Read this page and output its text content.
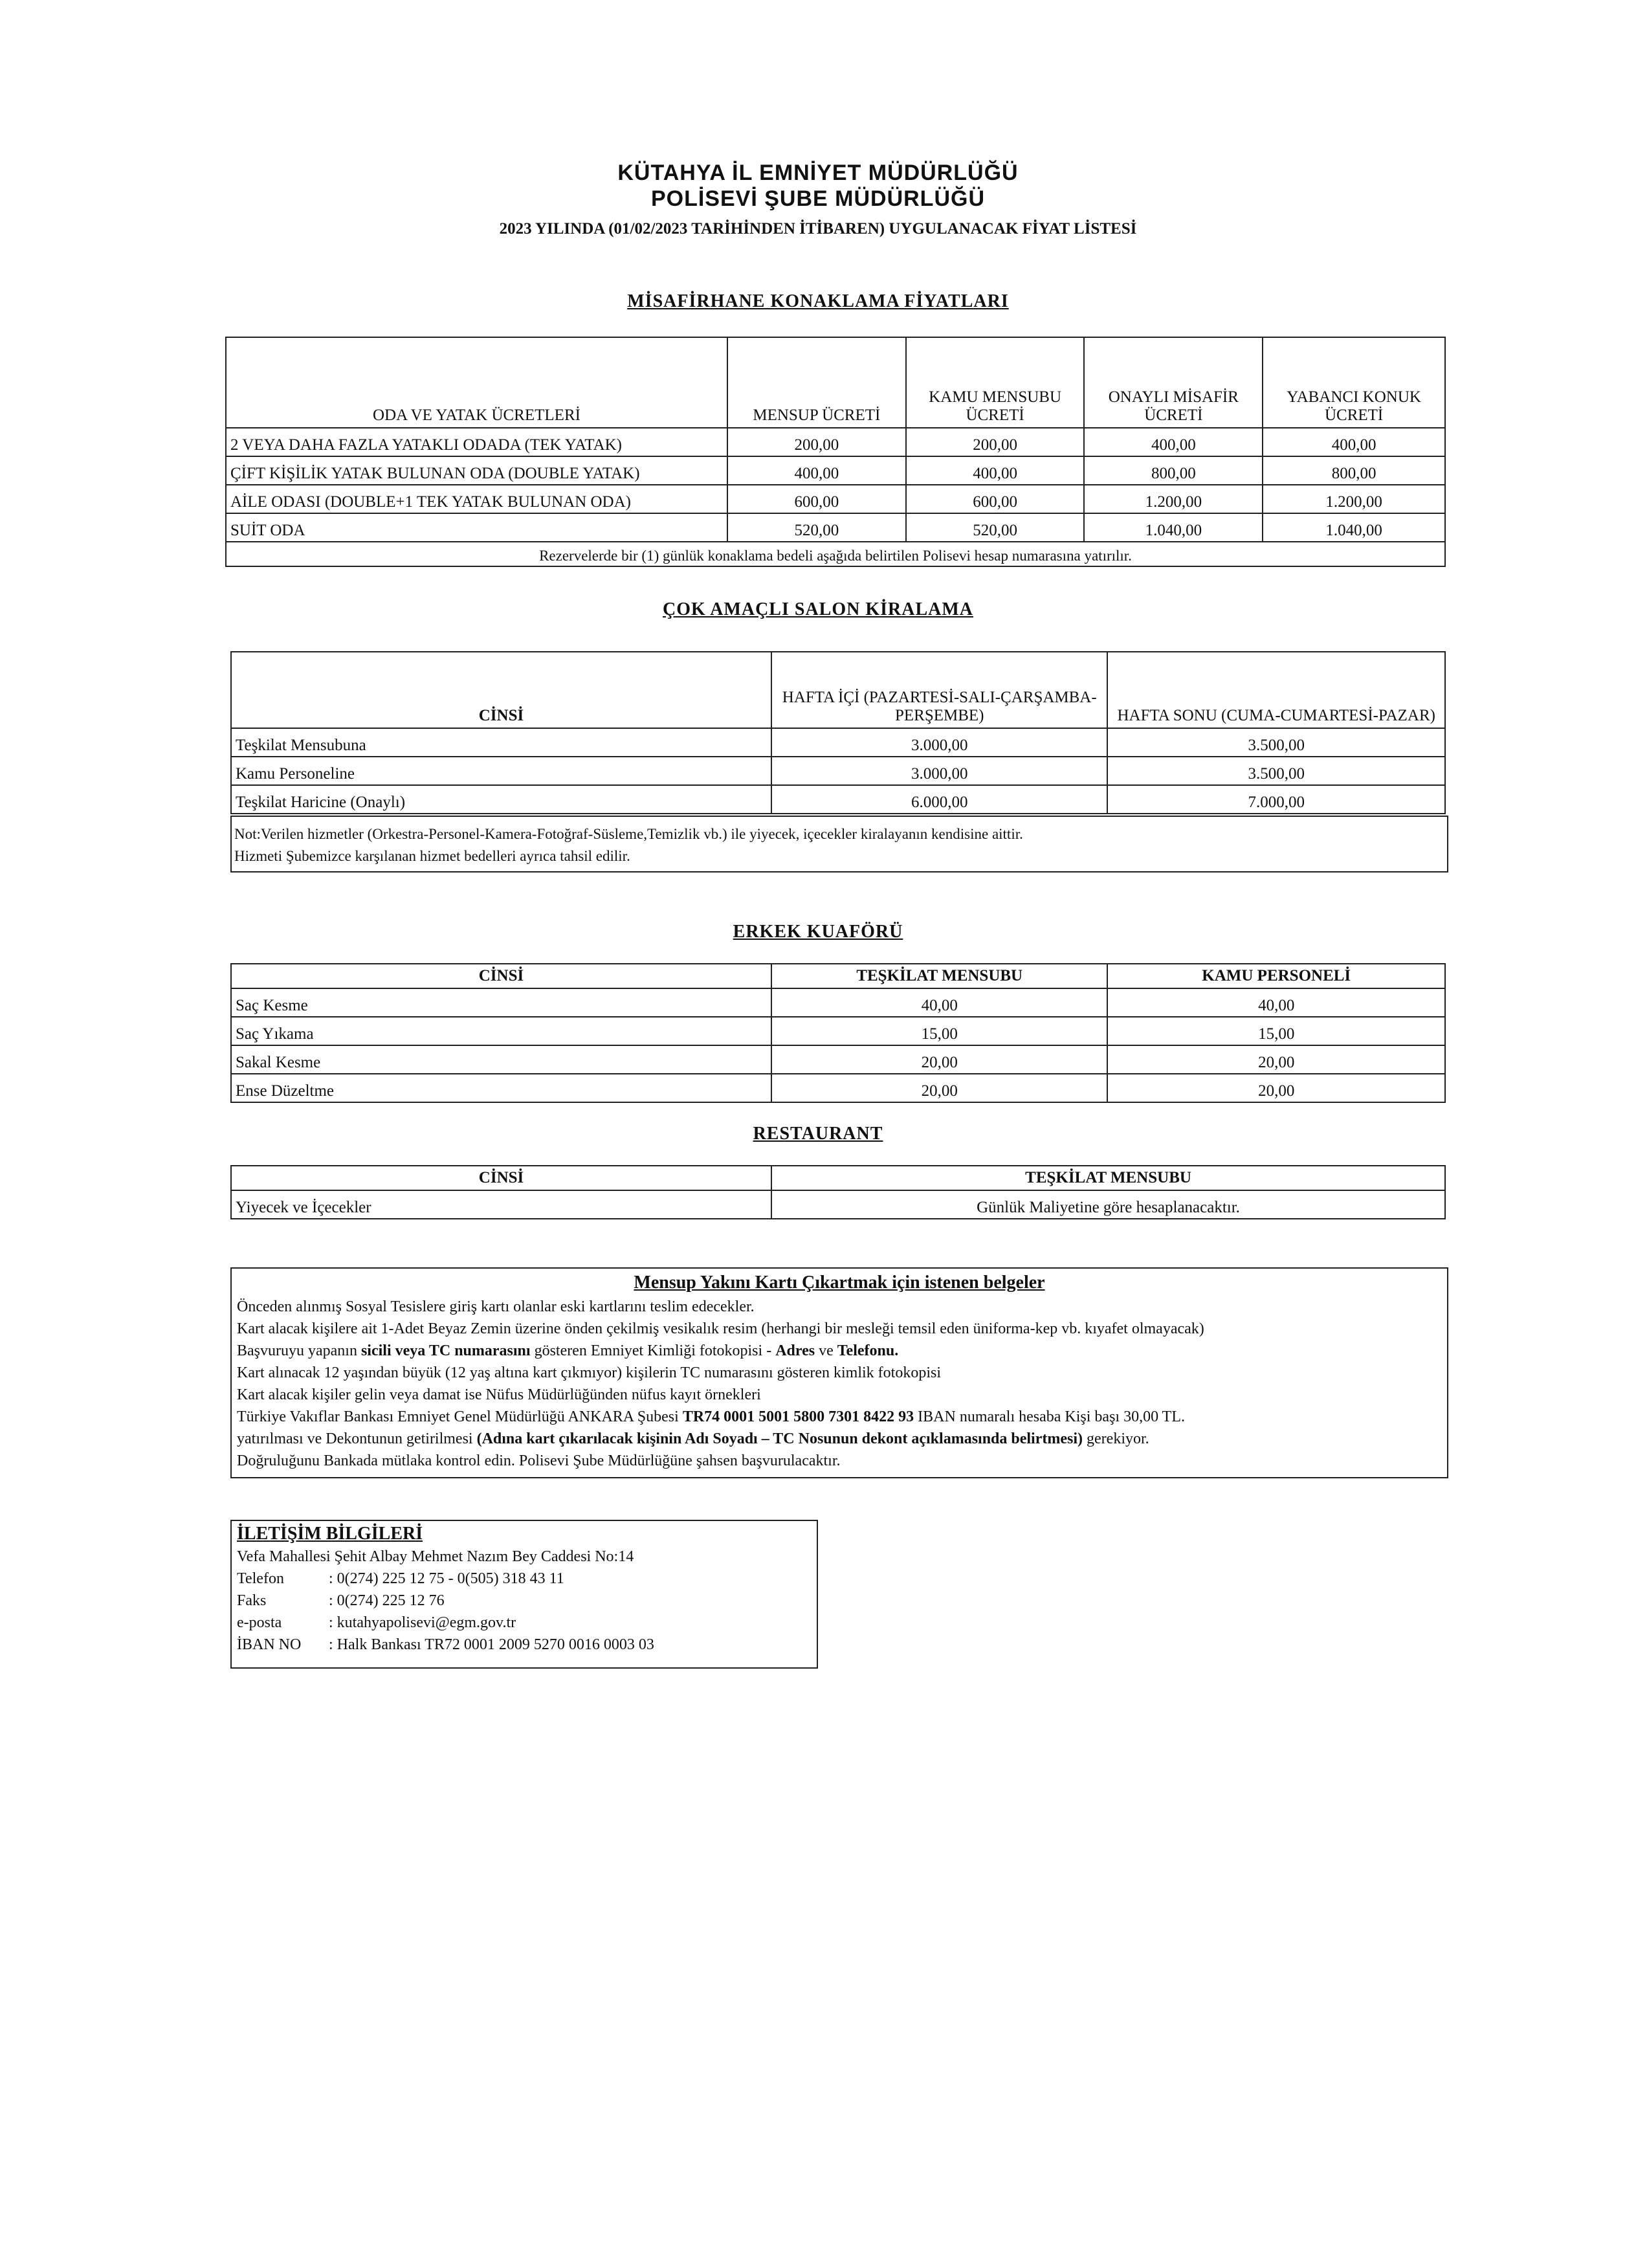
KÜTAHYA İL EMNİYET MÜDÜRLÜĞÜ
POLİSEVİ ŞUBE MÜDÜRLÜĞÜ
2023 YILINDA (01/02/2023 TARİHİNDEN İTİBAREN) UYGULANACAK FİYAT LİSTESİ
MİSAFİRHANE KONAKLAMA FİYATLARI
ODA VE YATAK ÜCRETLERİ	MENSUP ÜCRETİ	KAMU MENSUBU ÜCRETİ	ONAYLI MİSAFİR ÜCRETİ	YABANCI KONUK ÜCRETİ
2 VEYA DAHA FAZLA YATAKLI ODADA (TEK YATAK)	200,00	200,00	400,00	400,00
ÇİFT KİŞİLİK YATAK BULUNAN ODA (DOUBLE YATAK)	400,00	400,00	800,00	800,00
AİLE ODASI (DOUBLE+1 TEK YATAK BULUNAN ODA)	600,00	600,00	1.200,00	1.200,00
SUİT ODA	520,00	520,00	1.040,00	1.040,00
Rezervelerde bir (1) günlük konaklama bedeli aşağıda belirtilen Polisevi hesap numarasına yatırılır.				
ÇOK AMAÇLI SALON KİRALAMA
CİNSİ	HAFTA İÇİ (PAZARTESİ-SALI-ÇARŞAMBA-PERŞEMBE)	HAFTA SONU (CUMA-CUMARTESİ-PAZAR)
Teşkilat Mensubuna	3.000,00	3.500,00
Kamu Personeline	3.000,00	3.500,00
Teşkilat Haricine (Onaylı)	6.000,00	7.000,00
Not:Verilen hizmetler (Orkestra-Personel-Kamera-Fotoğraf-Süsleme,Temizlik vb.) ile yiyecek, içecekler kiralayanın kendisine aittir.
Hizmeti Şubemizce karşılanan hizmet bedelleri ayrıca tahsil edilir.
ERKEK KUAFÖRÜ
CİNSİ	TEŞKİLAT MENSUBU	KAMU PERSONELİ
Saç Kesme	40,00	40,00
Saç Yıkama	15,00	15,00
Sakal Kesme	20,00	20,00
Ense Düzeltme	20,00	20,00
RESTAURANT
CİNSİ	TEŞKİLAT MENSUBU
Yiyecek ve İçecekler	Günlük Maliyetine göre hesaplanacaktır.
Mensup Yakını Kartı Çıkartmak için istenen belgeler
Önceden alınmış Sosyal Tesislere giriş kartı olanlar eski kartlarını teslim edecekler.
Kart alacak kişilere ait 1-Adet Beyaz Zemin üzerine önden çekilmiş vesikalık resim (herhangi bir mesleği temsil eden üniforma-kep vb. kıyafet olmayacak)
Başvuruyu yapanın sicili veya TC numarasını gösteren Emniyet Kimliği fotokopisi - Adres ve Telefonu.
Kart alınacak 12 yaşından büyük (12 yaş altına kart çıkmıyor) kişilerin TC numarasını gösteren kimlik fotokopisi
Kart alacak kişiler gelin veya damat ise Nüfus Müdürlüğünden nüfus kayıt örnekleri
Türkiye Vakıflar Bankası Emniyet Genel Müdürlüğü ANKARA Şubesi TR74 0001 5001 5800 7301 8422 93 IBAN numaralı hesaba Kişi başı 30,00 TL.
yatırılması ve Dekontunun getirilmesi (Adına kart çıkarılacak kişinin Adı Soyadı – TC Nosunun dekont açıklamasında belirtmesi) gerekiyor.
Doğruluğunu Bankada mütlaka kontrol edin. Polisevi Şube Müdürlüğüne şahsen başvurulacaktır.
İLETİŞİM BİLGİLERİ
Vefa Mahallesi Şehit Albay Mehmet Nazım Bey Caddesi No:14
Telefon	: 0(274) 225 12 75 - 0(505) 318 43 11
Faks	: 0(274) 225 12 76
e-posta	: kutahyapolisevi@egm.gov.tr
İBAN NO : Halk Bankası TR72 0001 2009 5270 0016 0003 03
